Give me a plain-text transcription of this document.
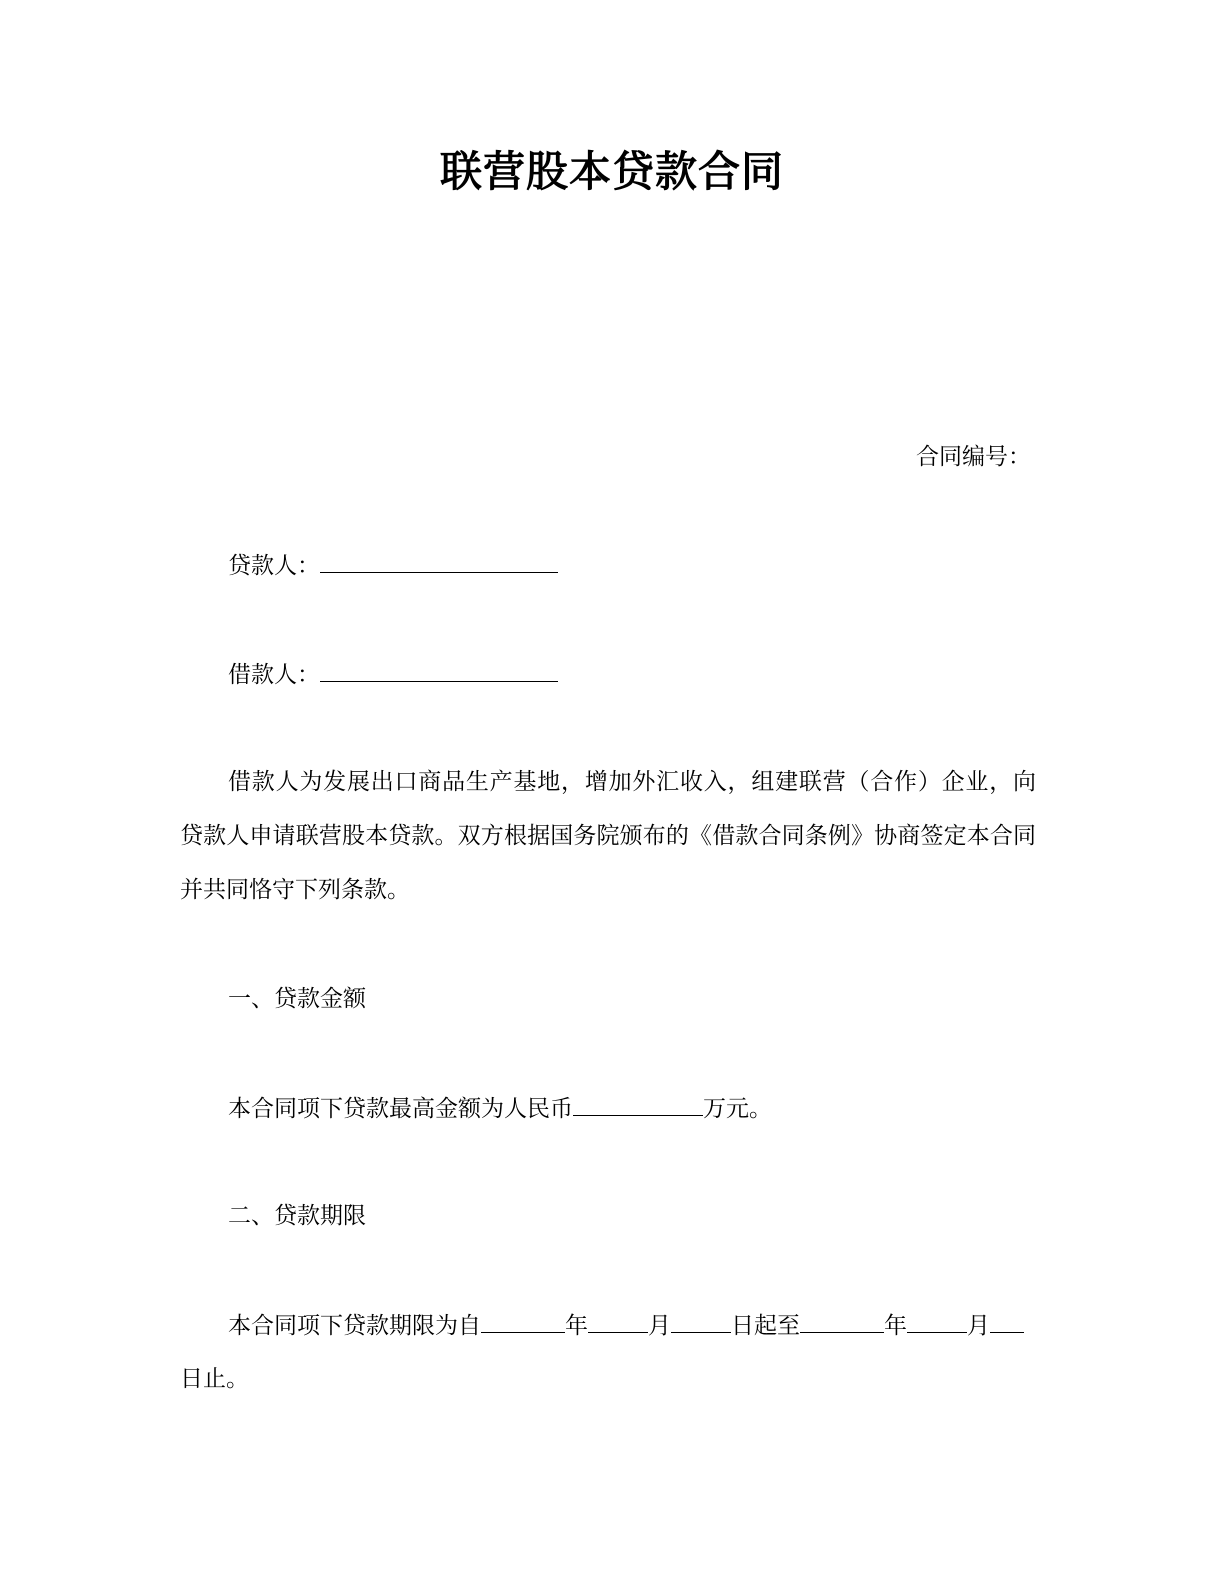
联营股本贷款合同
合同编号：
贷款人：
借款人：
借款人为发展出口商品生产基地，增加外汇收入，组建联营（合作）企业，向
贷款人申请联营股本贷款。双方根据国务院颁布的《借款合同条例》协商签定本合同
并共同恪守下列条款。
一、贷款金额
本合同项下贷款最高金额为人民币	万元。
二、贷款期限
本合同项下贷款期限为自	年	月	日起至	年	月
日止。
